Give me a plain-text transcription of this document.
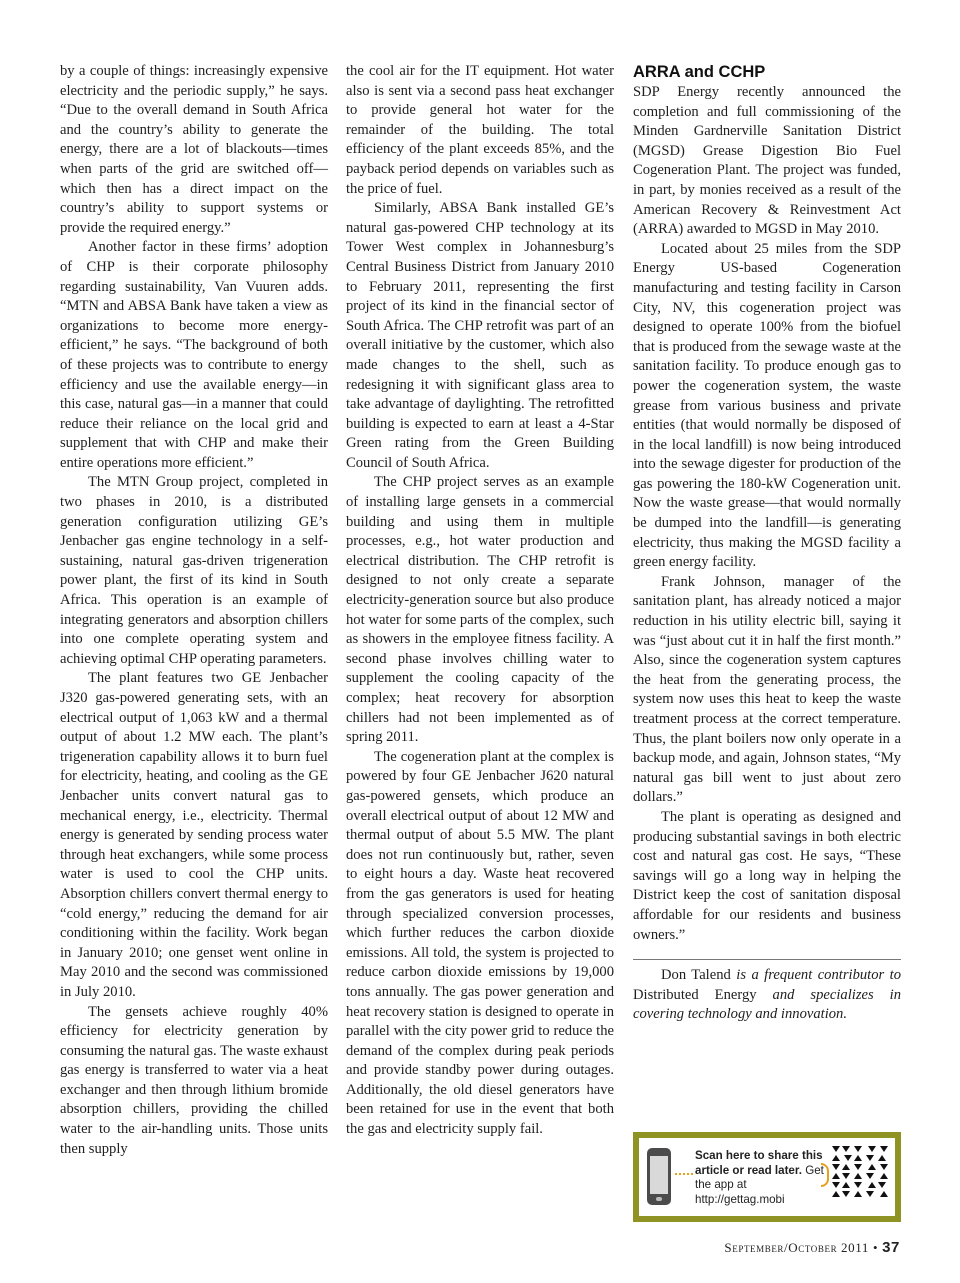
by a couple of things: increasingly expensive electricity and the periodic supply,” he says. “Due to the overall demand in South Africa and the country’s ability to generate the energy, there are a lot of blackouts—times when parts of the grid are switched off—which then has a direct impact on the country’s ability to support systems or provide the required energy.”

Another factor in these firms’ adoption of CHP is their corporate philosophy regarding sustainability, Van Vuuren adds. “MTN and ABSA Bank have taken a view as organizations to become more energy-efficient,” he says. “The background of both of these projects was to contribute to energy efficiency and use the available energy—in this case, natural gas—in a manner that could reduce their reliance on the local grid and supplement that with CHP and make their entire operations more efficient.”

The MTN Group project, completed in two phases in 2010, is a distributed generation configuration utilizing GE’s Jenbacher gas engine technology in a self-sustaining, natural gas-driven trigeneration power plant, the first of its kind in South Africa. This operation is an example of integrating generators and absorption chillers into one complete operating system and achieving optimal CHP operating parameters.

The plant features two GE Jenbacher J320 gas-powered generating sets, with an electrical output of 1,063 kW and a thermal output of about 1.2 MW each. The plant’s trigeneration capability allows it to burn fuel for electricity, heating, and cooling as the GE Jenbacher units convert natural gas to mechanical energy, i.e., electricity. Thermal energy is generated by sending process water through heat exchangers, while some process water is used to cool the CHP units. Absorption chillers convert thermal energy to “cold energy,” reducing the demand for air conditioning within the facility. Work began in January 2010; one genset went online in May 2010 and the second was commissioned in July 2010.

The gensets achieve roughly 40% efficiency for electricity generation by consuming the natural gas. The waste exhaust gas energy is transferred to water via a heat exchanger and then through lithium bromide absorption chillers, providing the chilled water to the air-handling units. Those units then supply

the cool air for the IT equipment. Hot water also is sent via a second pass heat exchanger to provide general hot water for the remainder of the building. The total efficiency of the plant exceeds 85%, and the payback period depends on variables such as the price of fuel.

Similarly, ABSA Bank installed GE’s natural gas-powered CHP technology at its Tower West complex in Johannesburg’s Central Business District from January 2010 to February 2011, representing the first project of its kind in the financial sector of South Africa. The CHP retrofit was part of an overall initiative by the customer, which also made changes to the shell, such as redesigning it with significant glass area to take advantage of daylighting. The retrofitted building is expected to earn at least a 4-Star Green rating from the Green Building Council of South Africa.

The CHP project serves as an example of installing large gensets in a commercial building and using them in multiple processes, e.g., hot water production and electrical distribution. The CHP retrofit is designed to not only create a separate electricity-generation source but also produce hot water for some parts of the complex, such as showers in the employee fitness facility. A second phase involves chilling water to supplement the cooling capacity of the complex; heat recovery for absorption chillers had not been implemented as of spring 2011.

The cogeneration plant at the complex is powered by four GE Jenbacher J620 natural gas-powered gensets, which produce an overall electrical output of about 12 MW and thermal output of about 5.5 MW. The plant does not run continuously but, rather, seven to eight hours a day. Waste heat recovered from the gas generators is used for heating through specialized conversion processes, which further reduces the carbon dioxide emissions. All told, the system is projected to reduce carbon dioxide emissions by 19,000 tons annually. The gas power generation and heat recovery station is designed to operate in parallel with the city power grid to reduce the demand of the complex during peak periods and provide standby power during outages. Additionally, the old diesel generators have been retained for use in the event that both the gas and electricity supply fail.

ARRA and CCHP

SDP Energy recently announced the completion and full commissioning of the Minden Gardnerville Sanitation District (MGSD) Grease Digestion Bio Fuel Cogeneration Plant. The project was funded, in part, by monies received as a result of the American Recovery & Reinvestment Act (ARRA) awarded to MGSD in May 2010.

Located about 25 miles from the SDP Energy US-based Cogeneration manufacturing and testing facility in Carson City, NV, this cogeneration project was designed to operate 100% from the biofuel that is produced from the sewage waste at the sanitation facility. To produce enough gas to power the cogeneration system, the waste grease from various business and private entities (that would normally be disposed of in the local landfill) is now being introduced into the sewage digester for production of the gas powering the 180-kW Cogeneration unit. Now the waste grease—that would normally be dumped into the landfill—is generating electricity, thus making the MGSD facility a green energy facility.

Frank Johnson, manager of the sanitation plant, has already noticed a major reduction in his utility electric bill, saying it was “just about cut it in half the first month.” Also, since the cogeneration system captures the heat from the generating process, the system now uses this heat to keep the waste treatment process at the correct temperature. Thus, the plant boilers now only operate in a backup mode, and again, Johnson states, “My natural gas bill went to just about zero dollars.”

The plant is operating as designed and producing substantial savings in both electric cost and natural gas cost. He says, “These savings will go a long way in helping the District keep the cost of sanitation disposal affordable for our residents and business owners.”

Don Talend is a frequent contributor to Distributed Energy and specializes in covering technology and innovation.

Scan here to share this article or read later. Get the app at
http://gettag.mobi
September/October 2011 • 37
